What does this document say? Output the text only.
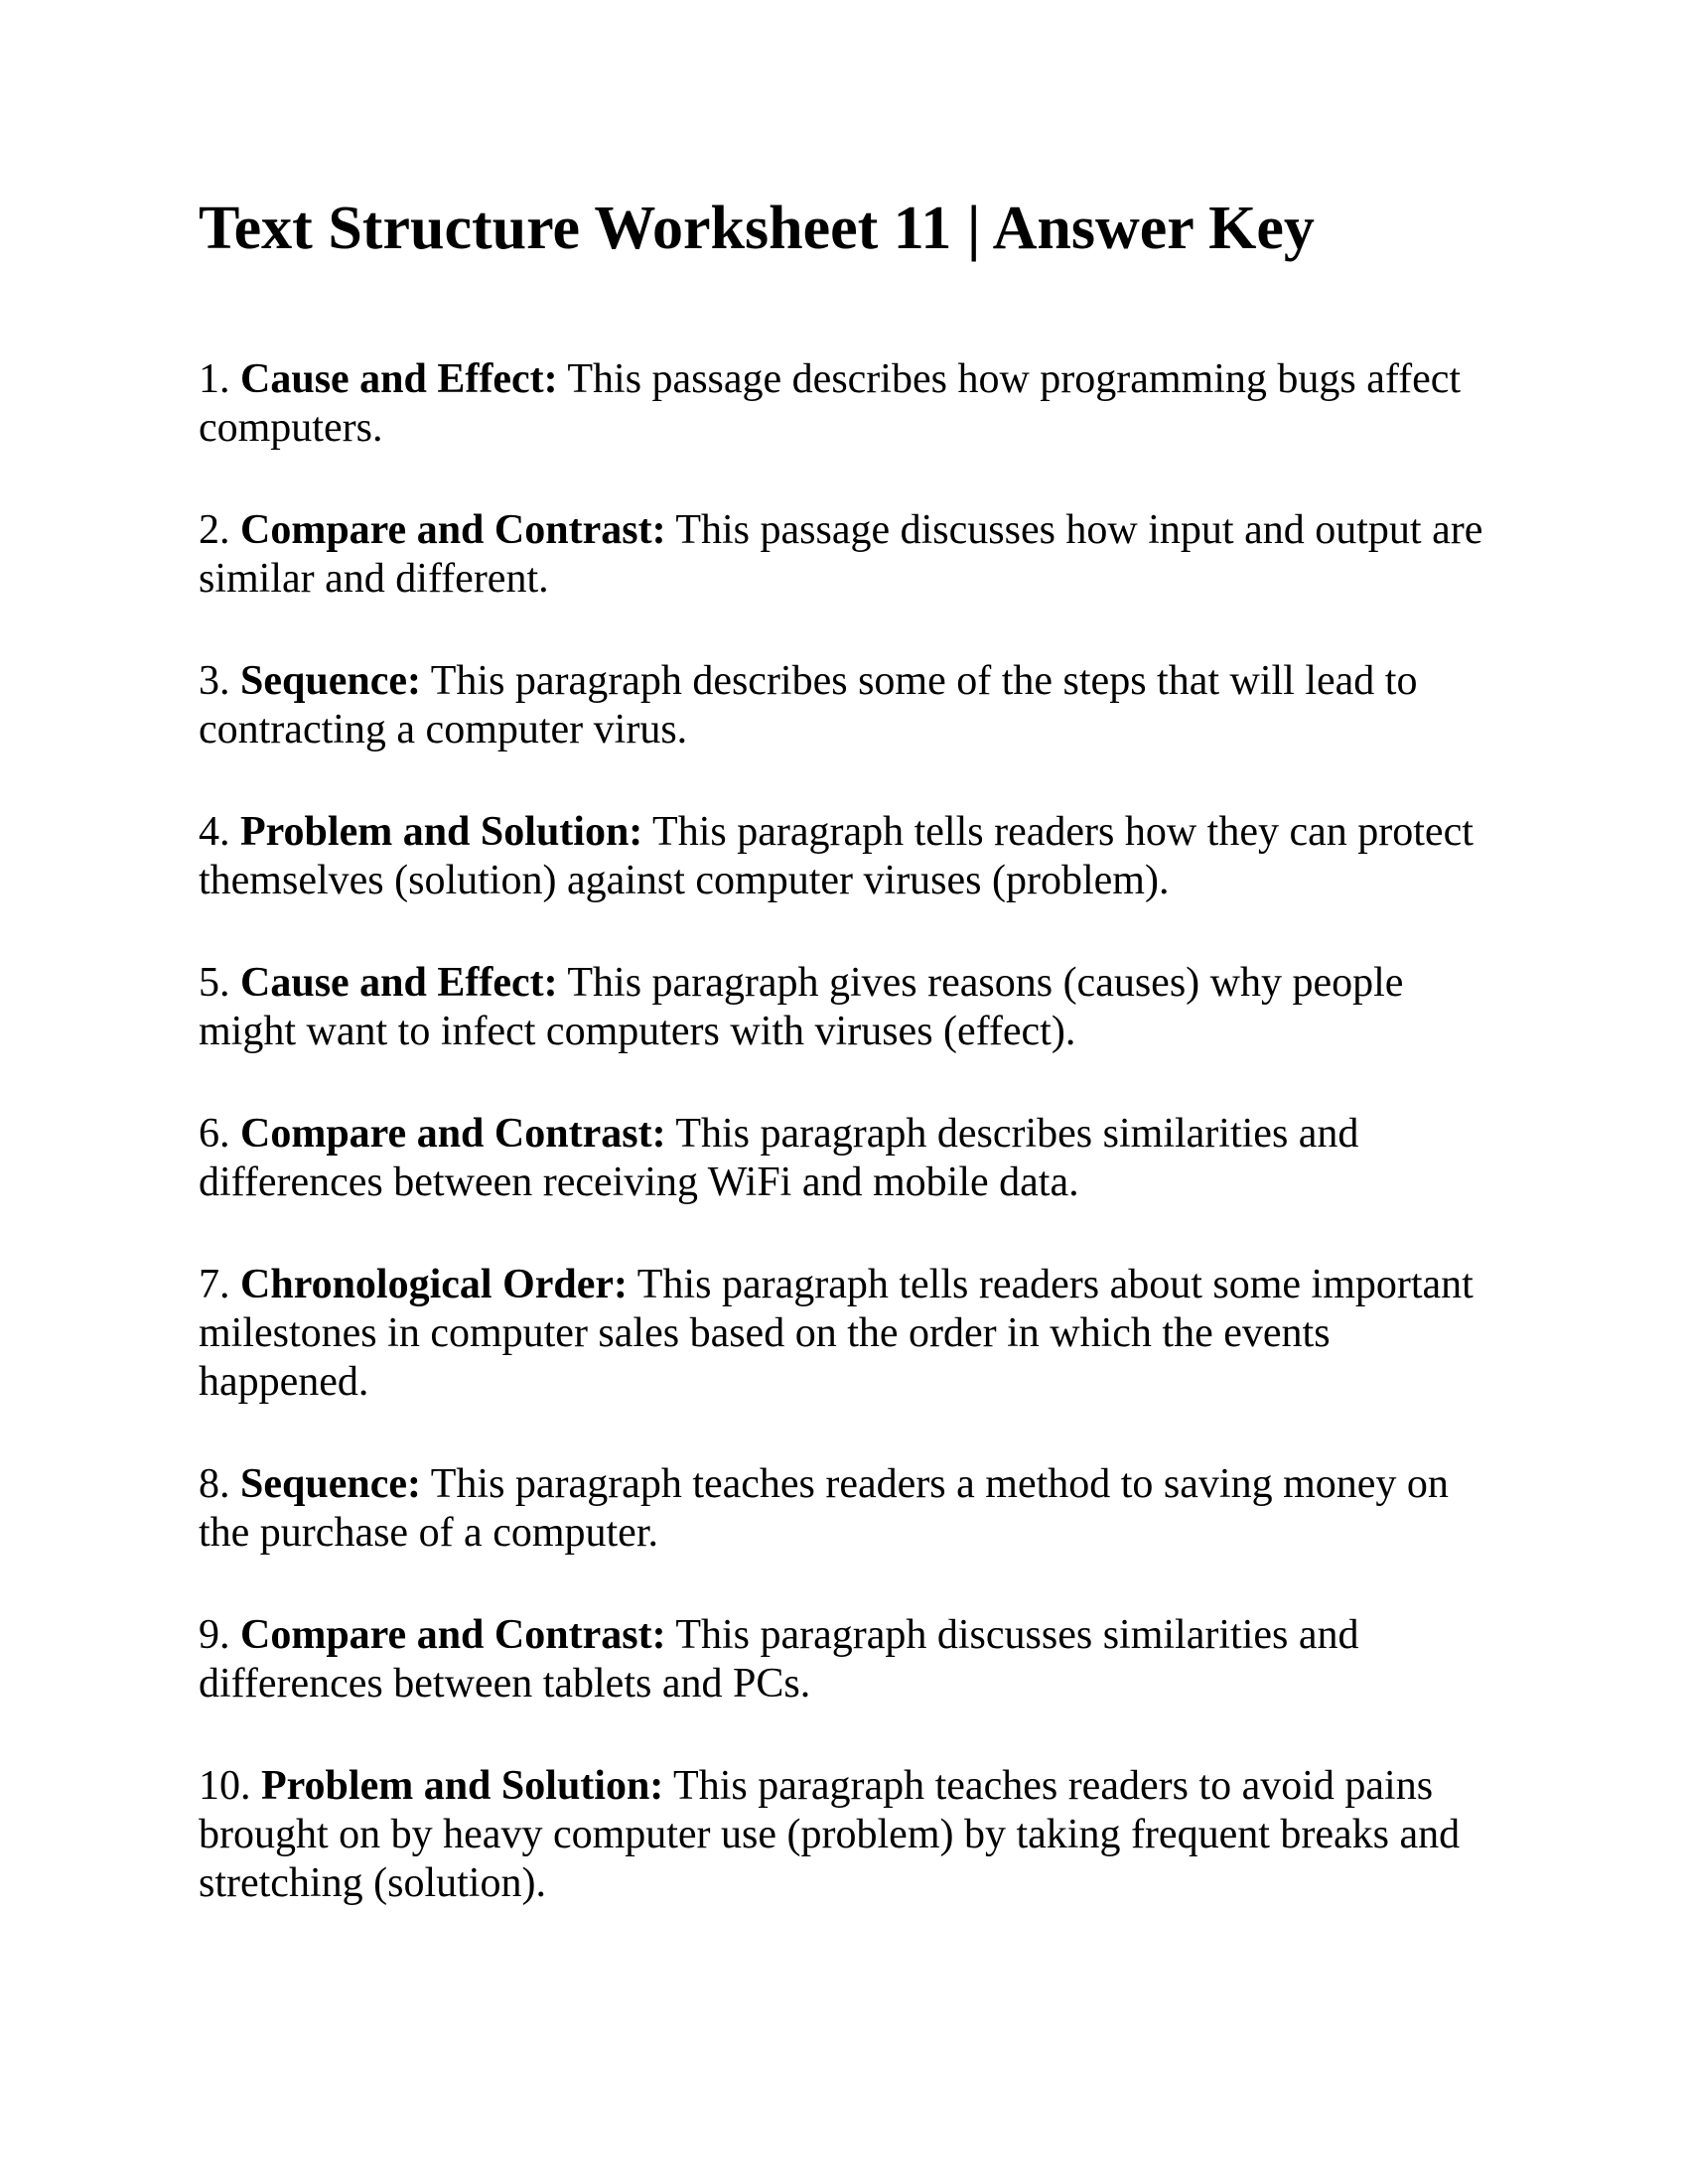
Text Structure Worksheet 11 | Answer Key

1. Cause and Effect: This passage describes how programming bugs affect computers.

2. Compare and Contrast: This passage discusses how input and output are similar and different.

3. Sequence: This paragraph describes some of the steps that will lead to contracting a computer virus.

4. Problem and Solution: This paragraph tells readers how they can protect themselves (solution) against computer viruses (problem).

5. Cause and Effect: This paragraph gives reasons (causes) why people might want to infect computers with viruses (effect).

6. Compare and Contrast: This paragraph describes similarities and differences between receiving WiFi and mobile data.

7. Chronological Order: This paragraph tells readers about some important milestones in computer sales based on the order in which the events happened.

8. Sequence: This paragraph teaches readers a method to saving money on the purchase of a computer.

9. Compare and Contrast: This paragraph discusses similarities and differences between tablets and PCs.

10. Problem and Solution: This paragraph teaches readers to avoid pains brought on by heavy computer use (problem) by taking frequent breaks and stretching (solution).
